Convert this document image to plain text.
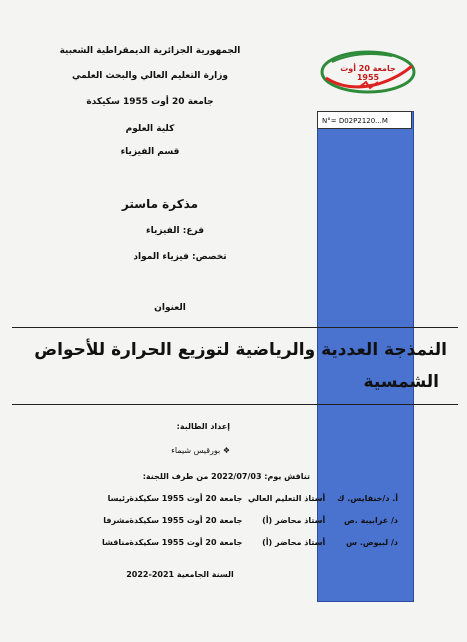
الجمهورية الجزائرية الديمقراطية الشعبية
وزارة التعليم العالي والبحث العلمي
جامعة 20 أوت 1955 سكيكدة
كلية العلوم
قسم الفيزياء
جامعة 20 أوت 1955
N°= D02P2120...M
مذكرة ماستر
فرع: الفيزياء
تخصص: فيزياء المواد
العنوان
النمذجة العددية والرياضية لتوزيع الحرارة للأحواض
الشمسية
إعداد الطالبة:
❖ بورقيس شيماء
تناقش يوم: 2022/07/03 من طرف اللجنة:
أ. د/خنفايس. ك أستاذ التعليم العالي جامعة 20 أوت 1955 سكيكدة رئيسا
د/ غرابيبة .ص أستاذ محاضر (أ) جامعة 20 أوت 1955 سكيكدة مشرفا
د/ لبيوض. س أستاذ محاضر (أ) جامعة 20 أوت 1955 سكيكدة مناقشا
السنة الجامعية 2021-2022
